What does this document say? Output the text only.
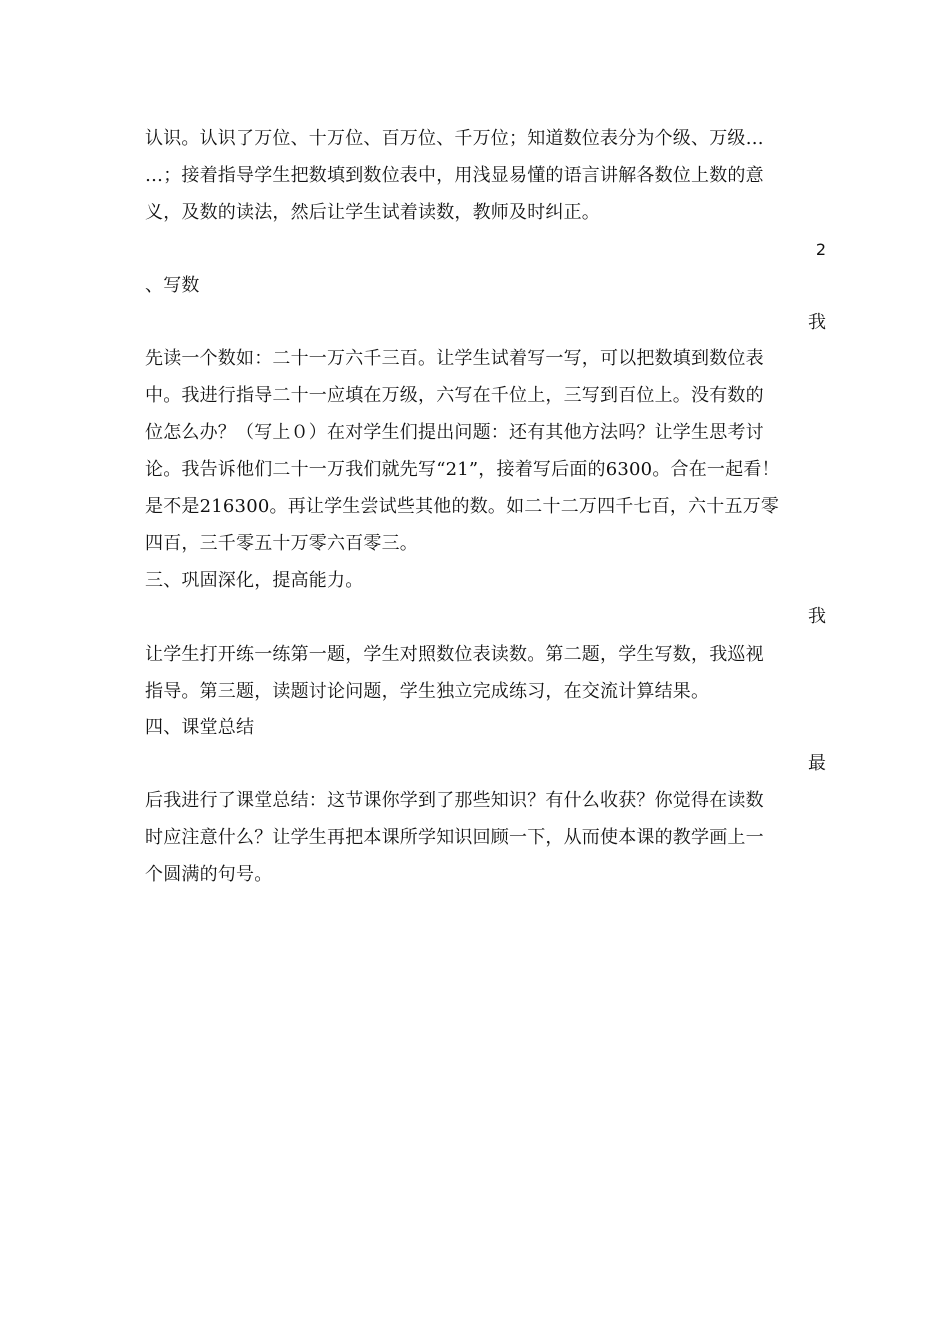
认识。认识了万位、十万位、百万位、千万位；知道数位表分为个级、万级…
…；接着指导学生把数填到数位表中，用浅显易懂的语言讲解各数位上数的意
义，及数的读法，然后让学生试着读数，教师及时纠正。
2
、写数
我
先读一个数如：二十一万六千三百。让学生试着写一写，可以把数填到数位表
中。我进行指导二十一应填在万级，六写在千位上，三写到百位上。没有数的
位怎么办？（写上０）在对学生们提出问题：还有其他方法吗？让学生思考讨
论。我告诉他们二十一万我们就先写“21”，接着写后面的6300。合在一起看！
是不是216300。再让学生尝试些其他的数。如二十二万四千七百，六十五万零
四百，三千零五十万零六百零三。
三、巩固深化，提高能力。
我
让学生打开练一练第一题，学生对照数位表读数。第二题，学生写数，我巡视
指导。第三题，读题讨论问题，学生独立完成练习，在交流计算结果。
四、课堂总结
最
后我进行了课堂总结：这节课你学到了那些知识？有什么收获？你觉得在读数
时应注意什么？让学生再把本课所学知识回顾一下，从而使本课的教学画上一
个圆满的句号。
